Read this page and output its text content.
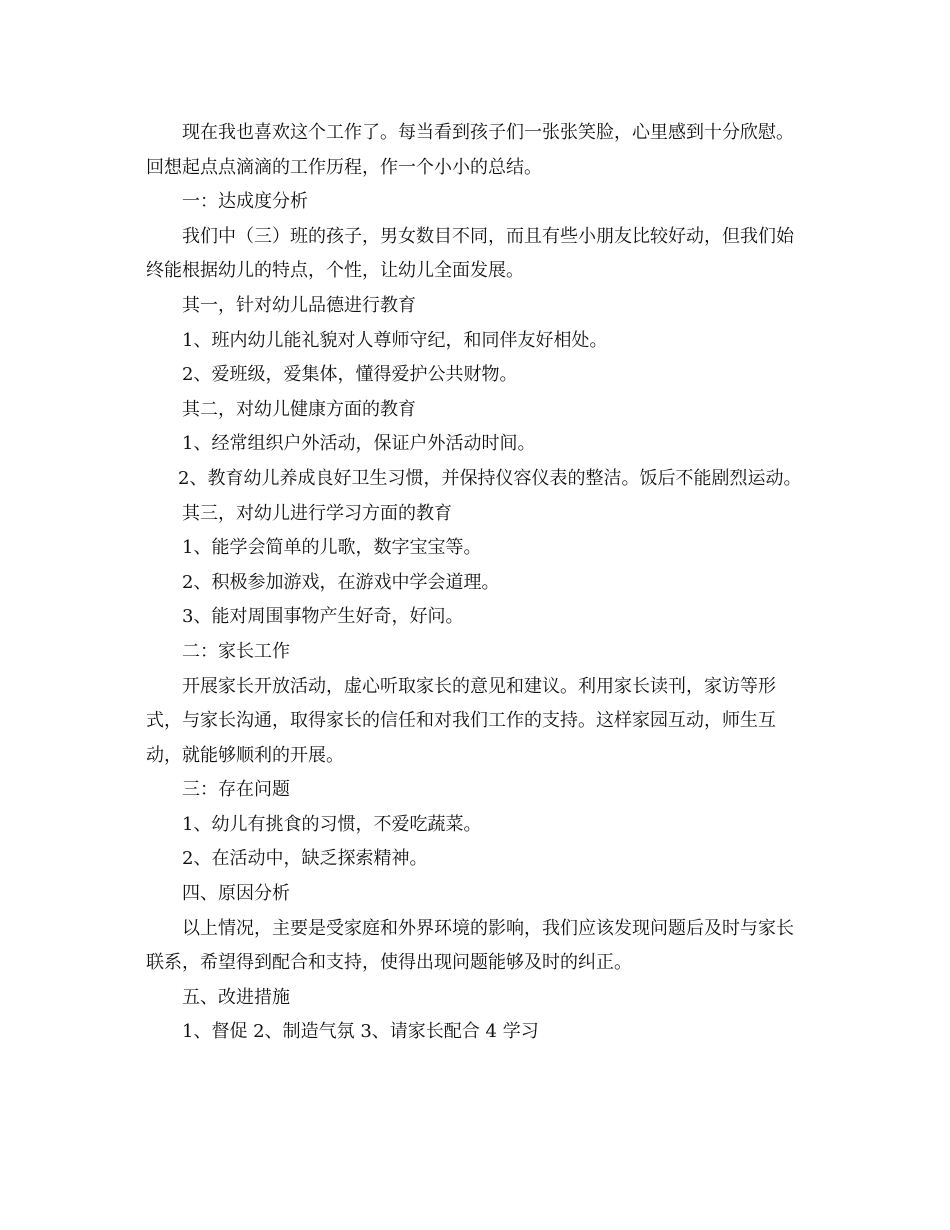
现在我也喜欢这个工作了。每当看到孩子们一张张笑脸，心里感到十分欣慰。回想起点点滴滴的工作历程，作一个小小的总结。

一：达成度分析

我们中（三）班的孩子，男女数目不同，而且有些小朋友比较好动，但我们始终能根据幼儿的特点，个性，让幼儿全面发展。

其一，针对幼儿品德进行教育

1、班内幼儿能礼貌对人尊师守纪，和同伴友好相处。

2、爱班级，爱集体，懂得爱护公共财物。

其二，对幼儿健康方面的教育

1、经常组织户外活动，保证户外活动时间。

2、教育幼儿养成良好卫生习惯，并保持仪容仪表的整洁。饭后不能剧烈运动。

其三，对幼儿进行学习方面的教育

1、能学会简单的儿歌，数字宝宝等。

2、积极参加游戏，在游戏中学会道理。

3、能对周围事物产生好奇，好问。

二：家长工作

开展家长开放活动，虚心听取家长的意见和建议。利用家长读刊，家访等形式，与家长沟通，取得家长的信任和对我们工作的支持。这样家园互动，师生互动，就能够顺利的开展。

三：存在问题

1、幼儿有挑食的习惯，不爱吃蔬菜。

2、在活动中，缺乏探索精神。

四、原因分析

以上情况，主要是受家庭和外界环境的影响，我们应该发现问题后及时与家长联系，希望得到配合和支持，使得出现问题能够及时的纠正。

五、改进措施

1、督促 2、制造气氛 3、请家长配合 4 学习
